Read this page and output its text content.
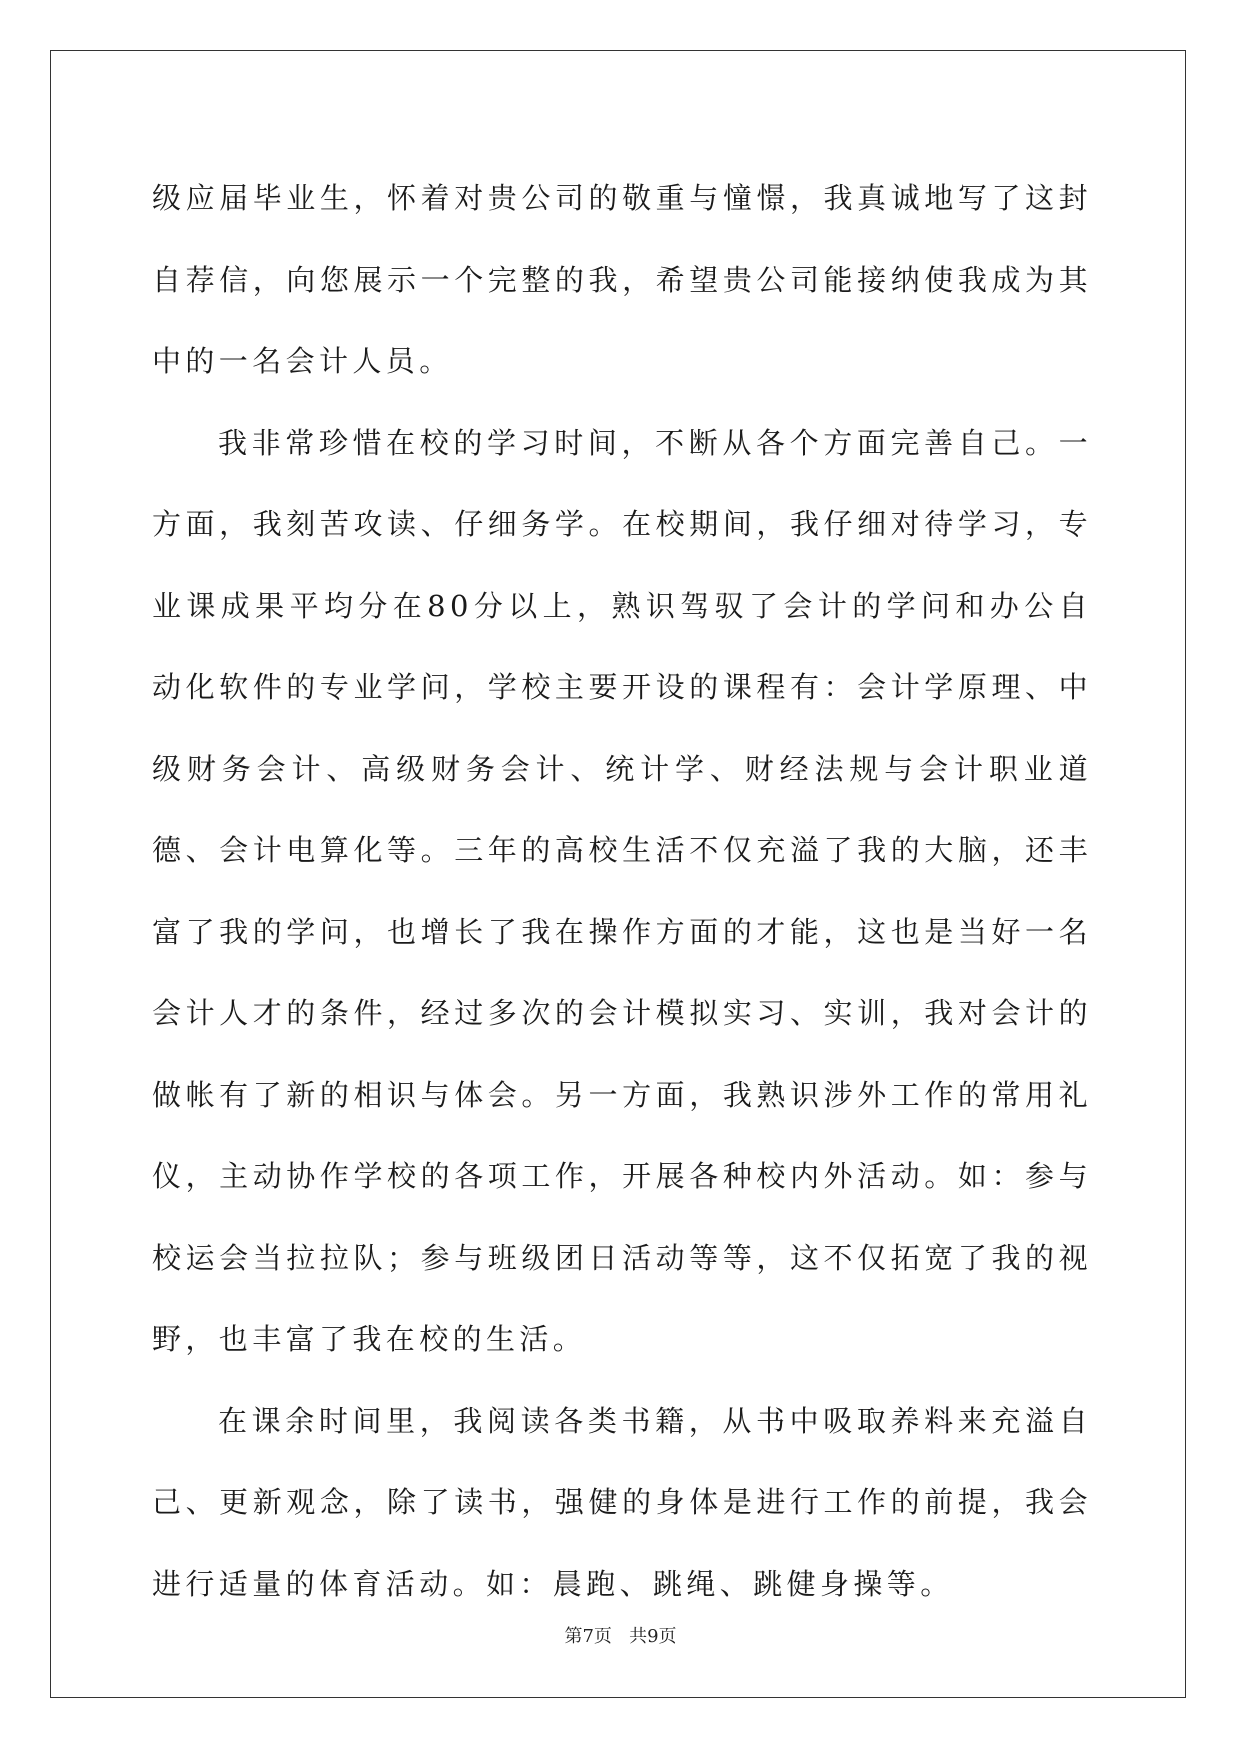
级应届毕业生，怀着对贵公司的敬重与憧憬，我真诚地写了这封自荐信，向您展示一个完整的我，希望贵公司能接纳使我成为其中的一名会计人员。

我非常珍惜在校的学习时间，不断从各个方面完善自己。一方面，我刻苦攻读、仔细务学。在校期间，我仔细对待学习，专业课成果平均分在80分以上，熟识驾驭了会计的学问和办公自动化软件的专业学问，学校主要开设的课程有：会计学原理、中级财务会计、高级财务会计、统计学、财经法规与会计职业道德、会计电算化等。三年的高校生活不仅充溢了我的大脑，还丰富了我的学问，也增长了我在操作方面的才能，这也是当好一名会计人才的条件，经过多次的会计模拟实习、实训，我对会计的做帐有了新的相识与体会。另一方面，我熟识涉外工作的常用礼仪，主动协作学校的各项工作，开展各种校内外活动。如：参与校运会当拉拉队；参与班级团日活动等等，这不仅拓宽了我的视野，也丰富了我在校的生活。

在课余时间里，我阅读各类书籍，从书中吸取养料来充溢自己、更新观念，除了读书，强健的身体是进行工作的前提，我会进行适量的体育活动。如：晨跑、跳绳、跳健身操等。

第7页 共9页
